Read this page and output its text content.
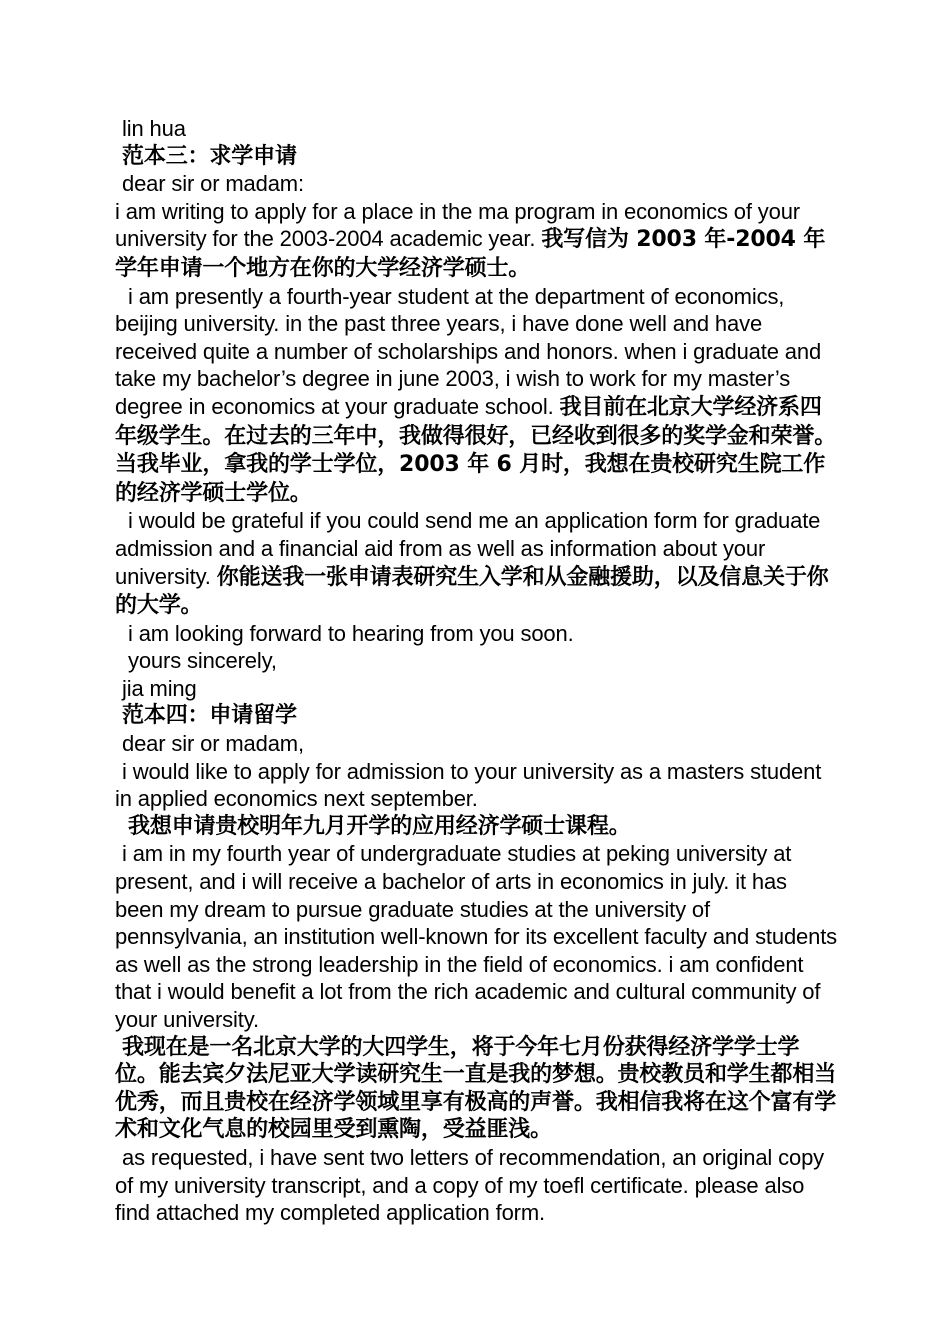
lin hua

范本三：求学申请

dear sir or madam:

i am writing to apply for a place in the ma program in economics of your university for the 2003-2004 academic year. 我写信为 2003 年-2004 年学年申请一个地方在你的大学经济学硕士。

i am presently a fourth-year student at the department of economics, beijing university. in the past three years, i have done well and have received quite a number of scholarships and honors. when i graduate and take my bachelor’s degree in june 2003, i wish to work for my master’s degree in economics at your graduate school. 我目前在北京大学经济系四年级学生。在过去的三年中，我做得很好，已经收到很多的奖学金和荣誉。当我毕业，拿我的学士学位，2003 年 6 月时，我想在贵校研究生院工作的经济学硕士学位。

i would be grateful if you could send me an application form for graduate admission and a financial aid from as well as information about your university. 你能送我一张申请表研究生入学和从金融援助，以及信息关于你的大学。

i am looking forward to hearing from you soon.

yours sincerely,

jia ming

范本四：申请留学

dear sir or madam,

i would like to apply for admission to your university as a masters student in applied economics next september.

我想申请贵校明年九月开学的应用经济学硕士课程。

i am in my fourth year of undergraduate studies at peking university at present, and i will receive a bachelor of arts in economics in july. it has been my dream to pursue graduate studies at the university of pennsylvania, an institution well-known for its excellent faculty and students as well as the strong leadership in the field of economics. i am confident that i would benefit a lot from the rich academic and cultural community of your university.

我现在是一名北京大学的大四学生，将于今年七月份获得经济学学士学位。能去宾夕法尼亚大学读研究生一直是我的梦想。贵校教员和学生都相当优秀，而且贵校在经济学领域里享有极高的声誉。我相信我将在这个富有学术和文化气息的校园里受到熏陶，受益匪浅。

as requested, i have sent two letters of recommendation, an original copy of my university transcript, and a copy of my toefl certificate. please also find attached my completed application form.
